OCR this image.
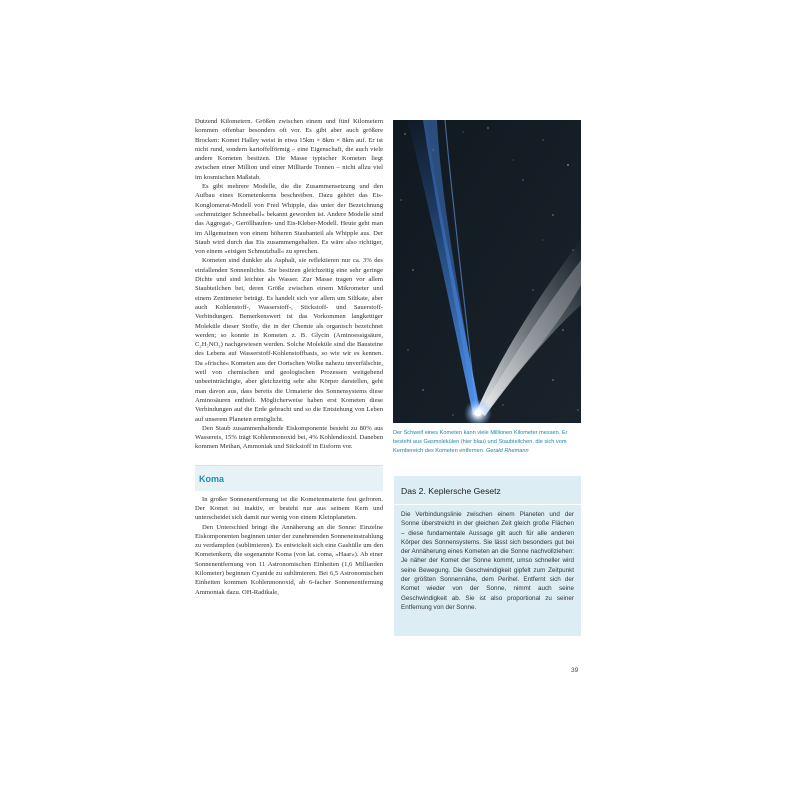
Dutzend Kilometern. Größen zwischen einem und fünf Kilometern kommen offenbar besonders oft vor. Es gibt aber auch größere Brocken: Komet Halley weist in etwa 15km × 8km × 8km auf. Er ist nicht rund, sondern kartoffelförmig – eine Eigenschaft, die auch viele andere Kometen besitzen. Die Masse typischer Kometen liegt zwischen einer Million und einer Milliarde Tonnen – nicht allzu viel im kosmischen Maßstab.

Es gibt mehrere Modelle, die die Zusammensetzung und den Aufbau eines Kometenkerns beschreiben. Dazu gehört das Eis-Konglomerat-Modell von Fred Whipple, das unter der Bezeichnung »schmutziger Schneeball« bekannt geworden ist. Andere Modelle sind das Aggregat-, Geröllhaufen- und Eis-Kleber-Modell. Heute geht man im Allgemeinen von einem höheren Staubanteil als Whipple aus. Der Staub wird durch das Eis zusammengehalten. Es wäre also richtiger, von einem »eisigen Schmutzball« zu sprechen.

Kometen sind dunkler als Asphalt, sie reflektieren nur ca. 3% des einfallenden Sonnenlichts. Sie besitzen gleichzeitig eine sehr geringe Dichte und sind leichter als Wasser. Zur Masse tragen vor allem Staubteilchen bei, deren Größe zwischen einem Mikrometer und einem Zentimeter beträgt. Es handelt sich vor allem um Silikate, aber auch Kohlenstoff-, Wasserstoff-, Stickstoff- und Sauerstoff-Verbindungen. Bemerkenswert ist das Vorkommen langkettiger Moleküle dieser Stoffe, die in der Chemie als organisch bezeichnet werden; so konnte in Kometen z. B. Glycin (Aminoessigsäure, C₂H₅NO₂) nachgewiesen werden. Solche Moleküle sind die Bausteine des Lebens auf Wasserstoff-Kohlenstoffbasis, so wie wir es kennen. Da »frische« Kometen aus der Oortschen Wolke nahezu unverfälschte, weil von chemischen und geologischen Prozessen weitgehend unbeeinträchtigte, aber gleichzeitig sehr alte Körper darstellen, geht man davon aus, dass bereits die Urmaterie des Sonnensystems diese Aminosäuren enthielt. Möglicherweise haben erst Kometen diese Verbindungen auf die Erde gebracht und so die Entstehung von Leben auf unserem Planeten ermöglicht.

Den Staub zusammenhaltende Eiskomponente besteht zu 80% aus Wassereis, 15% trägt Kohlenmonoxid bei, 4% Kohlendioxid. Daneben kommen Methan, Ammoniak und Stickstoff in Eisform vor.

Koma

In großer Sonnenentfernung ist die Kometenmaterie fest gefroren. Der Komet ist inaktiv, er besteht nur aus seinem Kern und unterscheidet sich damit nur wenig von einem Kleinplaneten.

Den Unterschied bringt die Annäherung an die Sonne: Einzelne Eiskomponenten beginnen unter der zunehmenden Sonneneinstrahlung zu verdampfen (sublimieren). Es entwickelt sich eine Gashülle um den Kometenkern, die sogenannte Koma (von lat. coma, »Haar«). Ab einer Sonnenentfernung von 11 Astronomischen Einheiten (1,6 Milliarden Kilometer) beginnen Cyanide zu sublimieren. Bei 6,5 Astronomischen Einheiten kommen Kohlenmonoxid, ab 6-facher Sonnenentfernung Ammoniak dazu. OH-Radikale,

Der Schweif eines Kometen kann viele Millionen Kilometer messen. Er besteht aus Gasmolekülen (hier blau) und Staubteilchen, die sich vom Kernbereich des Kometen entfernen. Gerald Rhemann
Das 2. Keplersche Gesetz
Die Verbindungslinie zwischen einem Planeten und der Sonne überstreicht in der gleichen Zeit gleich große Flächen – diese fundamentale Aussage gilt auch für alle anderen Körper des Sonnensystems. Sie lässt sich besonders gut bei der Annäherung eines Kometen an die Sonne nachvollziehen: Je näher der Komet der Sonne kommt, umso schneller wird seine Bewegung. Die Geschwindigkeit gipfelt zum Zeitpunkt der größten Sonnennähe, dem Perihel. Entfernt sich der Komet wieder von der Sonne, nimmt auch seine Geschwindigkeit ab. Sie ist also proportional zu seiner Entfernung von der Sonne.
39
